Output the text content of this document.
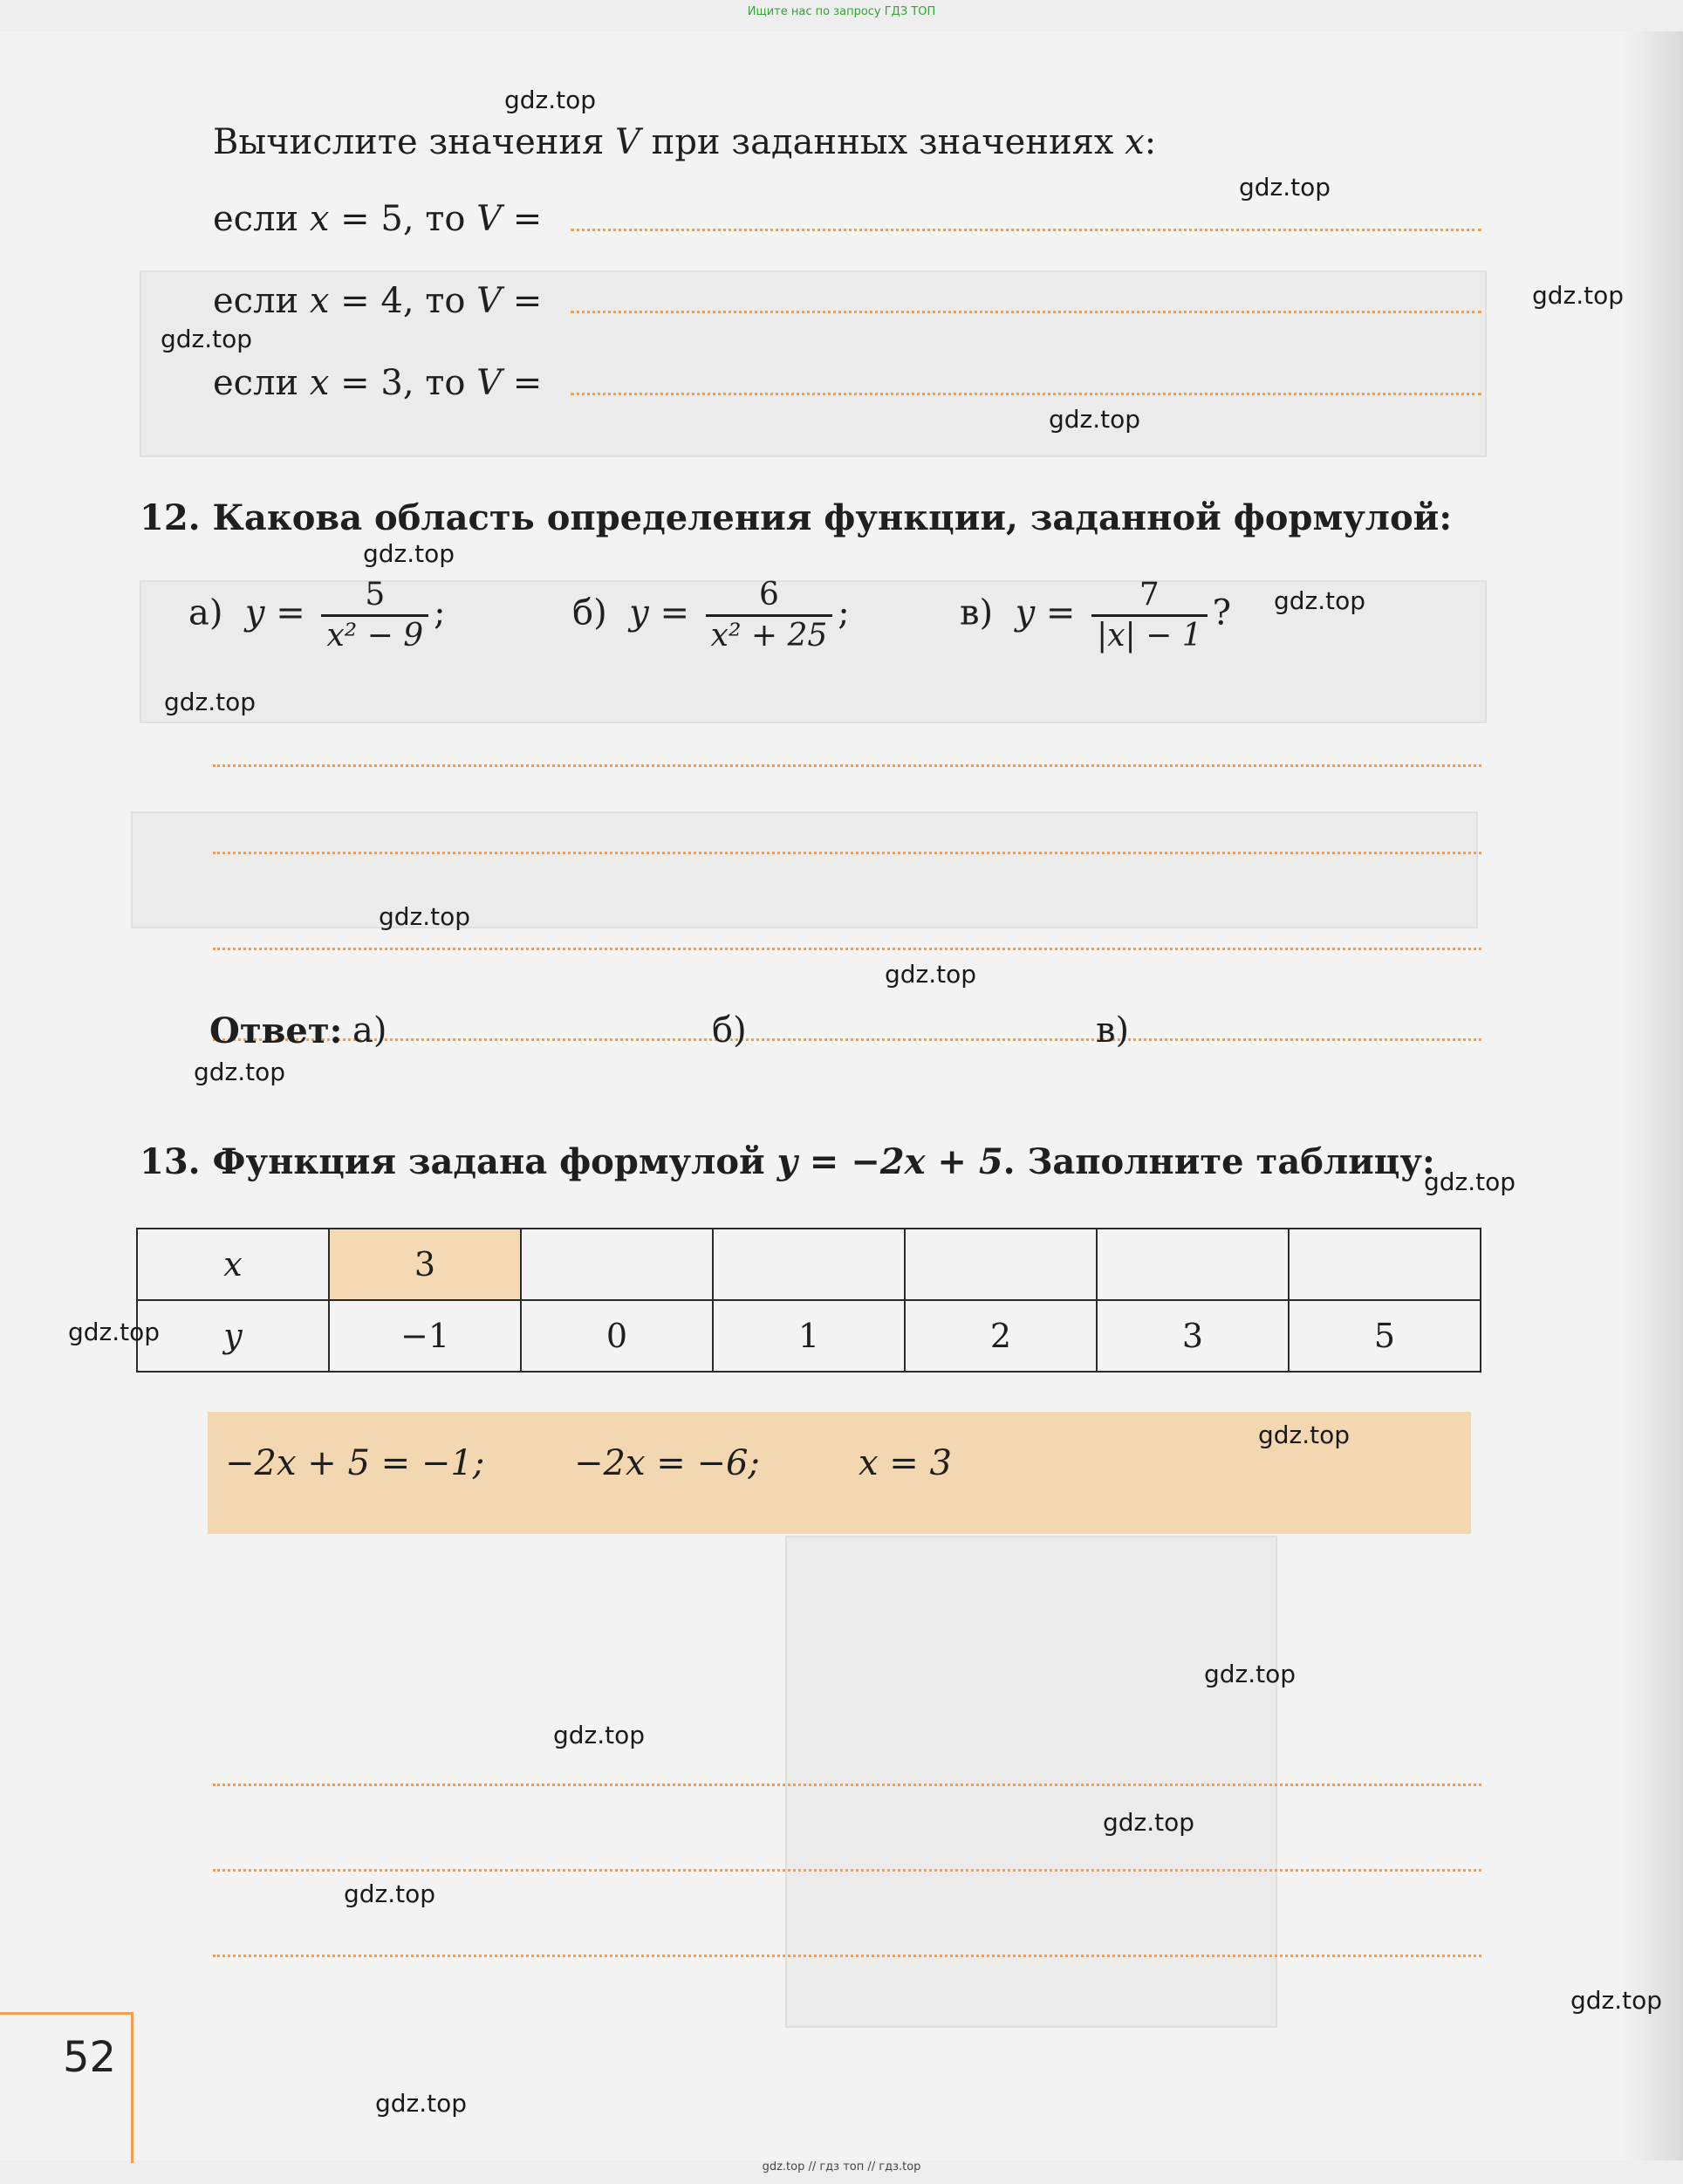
Ищите нас по запросу ГДЗ ТОП
Вычислите значения V при заданных значениях x:
если x = 5, то V =
если x = 4, то V =
если x = 3, то V =
12. Какова область определения функции, заданной формулой:
а) $y = \frac{5}{\text{x² − 9}}$ ;	б) $y = \frac{6}{\text{x² + 25}}$ ;	в) $y = \frac{7}{|x| - 1}$ ?
Ответ: а)	б)	в)
13. Функция задана формулой y = −2x + 5. Заполните таблицу:
x	3					
y	−1	0	1	2	3	5
−2x + 5 = −1;	−2x = −6;	x = 3
52
gdz.top
gdz.top
gdz.top
gdz.top
gdz.top
gdz.top
gdz.top
gdz.top
gdz.top
gdz.top
gdz.top
gdz.top
gdz.top
gdz.top
gdz.top
gdz.top
gdz.top
gdz.top
gdz.top
gdz.top
gdz.top // гдз топ // гдз.top
